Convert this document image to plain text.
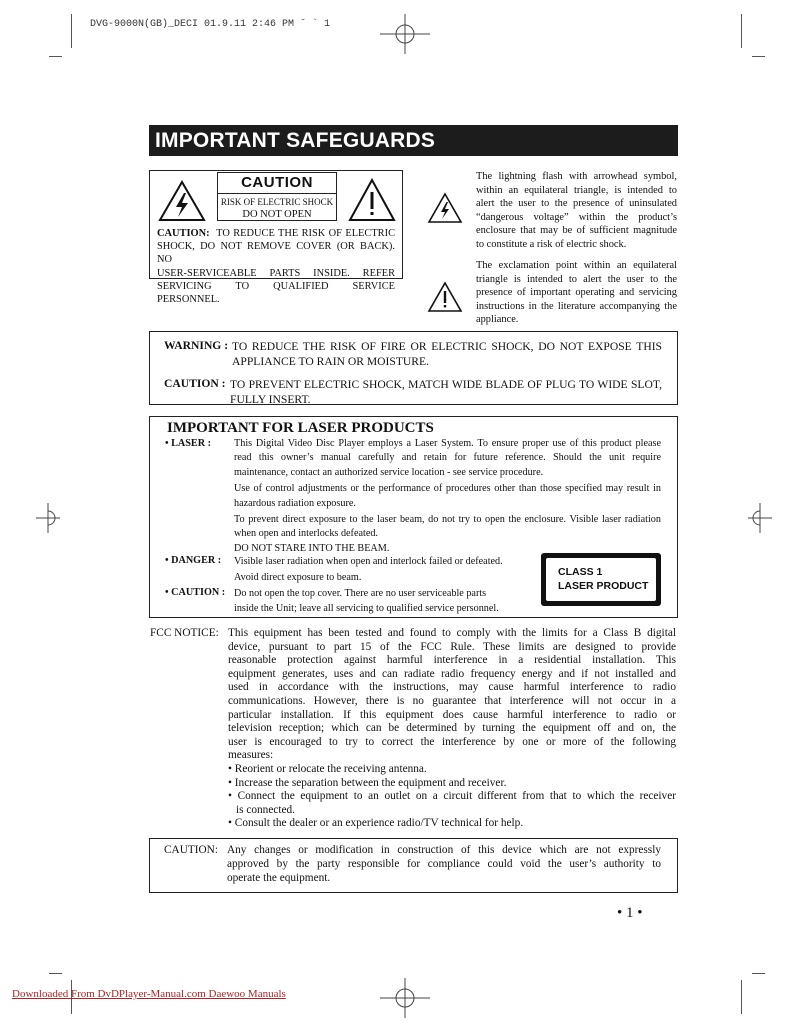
DVG-9000N(GB)_DECI 01.9.11 2:46 PM ˘ ` 1
IMPORTANT SAFEGUARDS
CAUTION
RISK OF ELECTRIC SHOCK
DO NOT OPEN
CAUTION: TO REDUCE THE RISK OF ELECTRIC
SHOCK, DO NOT REMOVE COVER (OR BACK). NO
USER-SERVICEABLE PARTS INSIDE. REFER
SERVICING TO QUALIFIED SERVICE PERSONNEL.
The lightning flash with arrowhead symbol,
within an equilateral triangle, is intended to
alert the user to the presence of uninsulated
“dangerous voltage” within the product’s
enclosure that may be of sufficient magnitude
to constitute a risk of electric shock.
The exclamation point within an equilateral
triangle is intended to alert the user to the
presence of important operating and servicing
instructions in the literature accompanying the
appliance.
WARNING : TO REDUCE THE RISK OF FIRE OR ELECTRIC SHOCK, DO NOT EXPOSE THIS
APPLIANCE TO RAIN OR MOISTURE.
CAUTION : TO PREVENT ELECTRIC SHOCK, MATCH WIDE BLADE OF PLUG TO WIDE SLOT,
FULLY INSERT.
IMPORTANT FOR LASER PRODUCTS
• LASER : This Digital Video Disc Player employs a Laser System. To ensure proper use of this product please
read this owner’s manual carefully and retain for future reference. Should the unit require
maintenance, contact an authorized service location - see service procedure.
Use of control adjustments or the performance of procedures other than those specified may result in
hazardous radiation exposure.
To prevent direct exposure to the laser beam, do not try to open the enclosure. Visible laser radiation
when open and interlocks defeated.
DO NOT STARE INTO THE BEAM.
• DANGER : Visible laser radiation when open and interlock failed or defeated.
Avoid direct exposure to beam.
• CAUTION : Do not open the top cover. There are no user serviceable parts
inside the Unit; leave all servicing to qualified service personnel.
CLASS 1
LASER PRODUCT
FCC NOTICE: This equipment has been tested and found to comply with the limits for a Class B digital
device, pursuant to part 15 of the FCC Rule. These limits are designed to provide
reasonable protection against harmful interference in a residential installation. This
equipment generates, uses and can radiate radio frequency energy and if not installed and
used in accordance with the instructions, may cause harmful interference to radio
communications. However, there is no guarantee that interference will not occur in a
particular installation. If this equipment does cause harmful interference to radio or
television reception; which can be determined by turning the equipment off and on, the
user is encouraged to try to correct the interference by one or more of the following
measures:
• Reorient or relocate the receiving antenna.
• Increase the separation between the equipment and receiver.
• Connect the equipment to an outlet on a circuit different from that to which the receiver
is connected.
• Consult the dealer or an experience radio/TV technical for help.
CAUTION: Any changes or modification in construction of this device which are not expressly
approved by the party responsible for compliance could void the user’s authority to
operate the equipment.
• 1 •
Downloaded From DvDPlayer-Manual.com Daewoo Manuals
